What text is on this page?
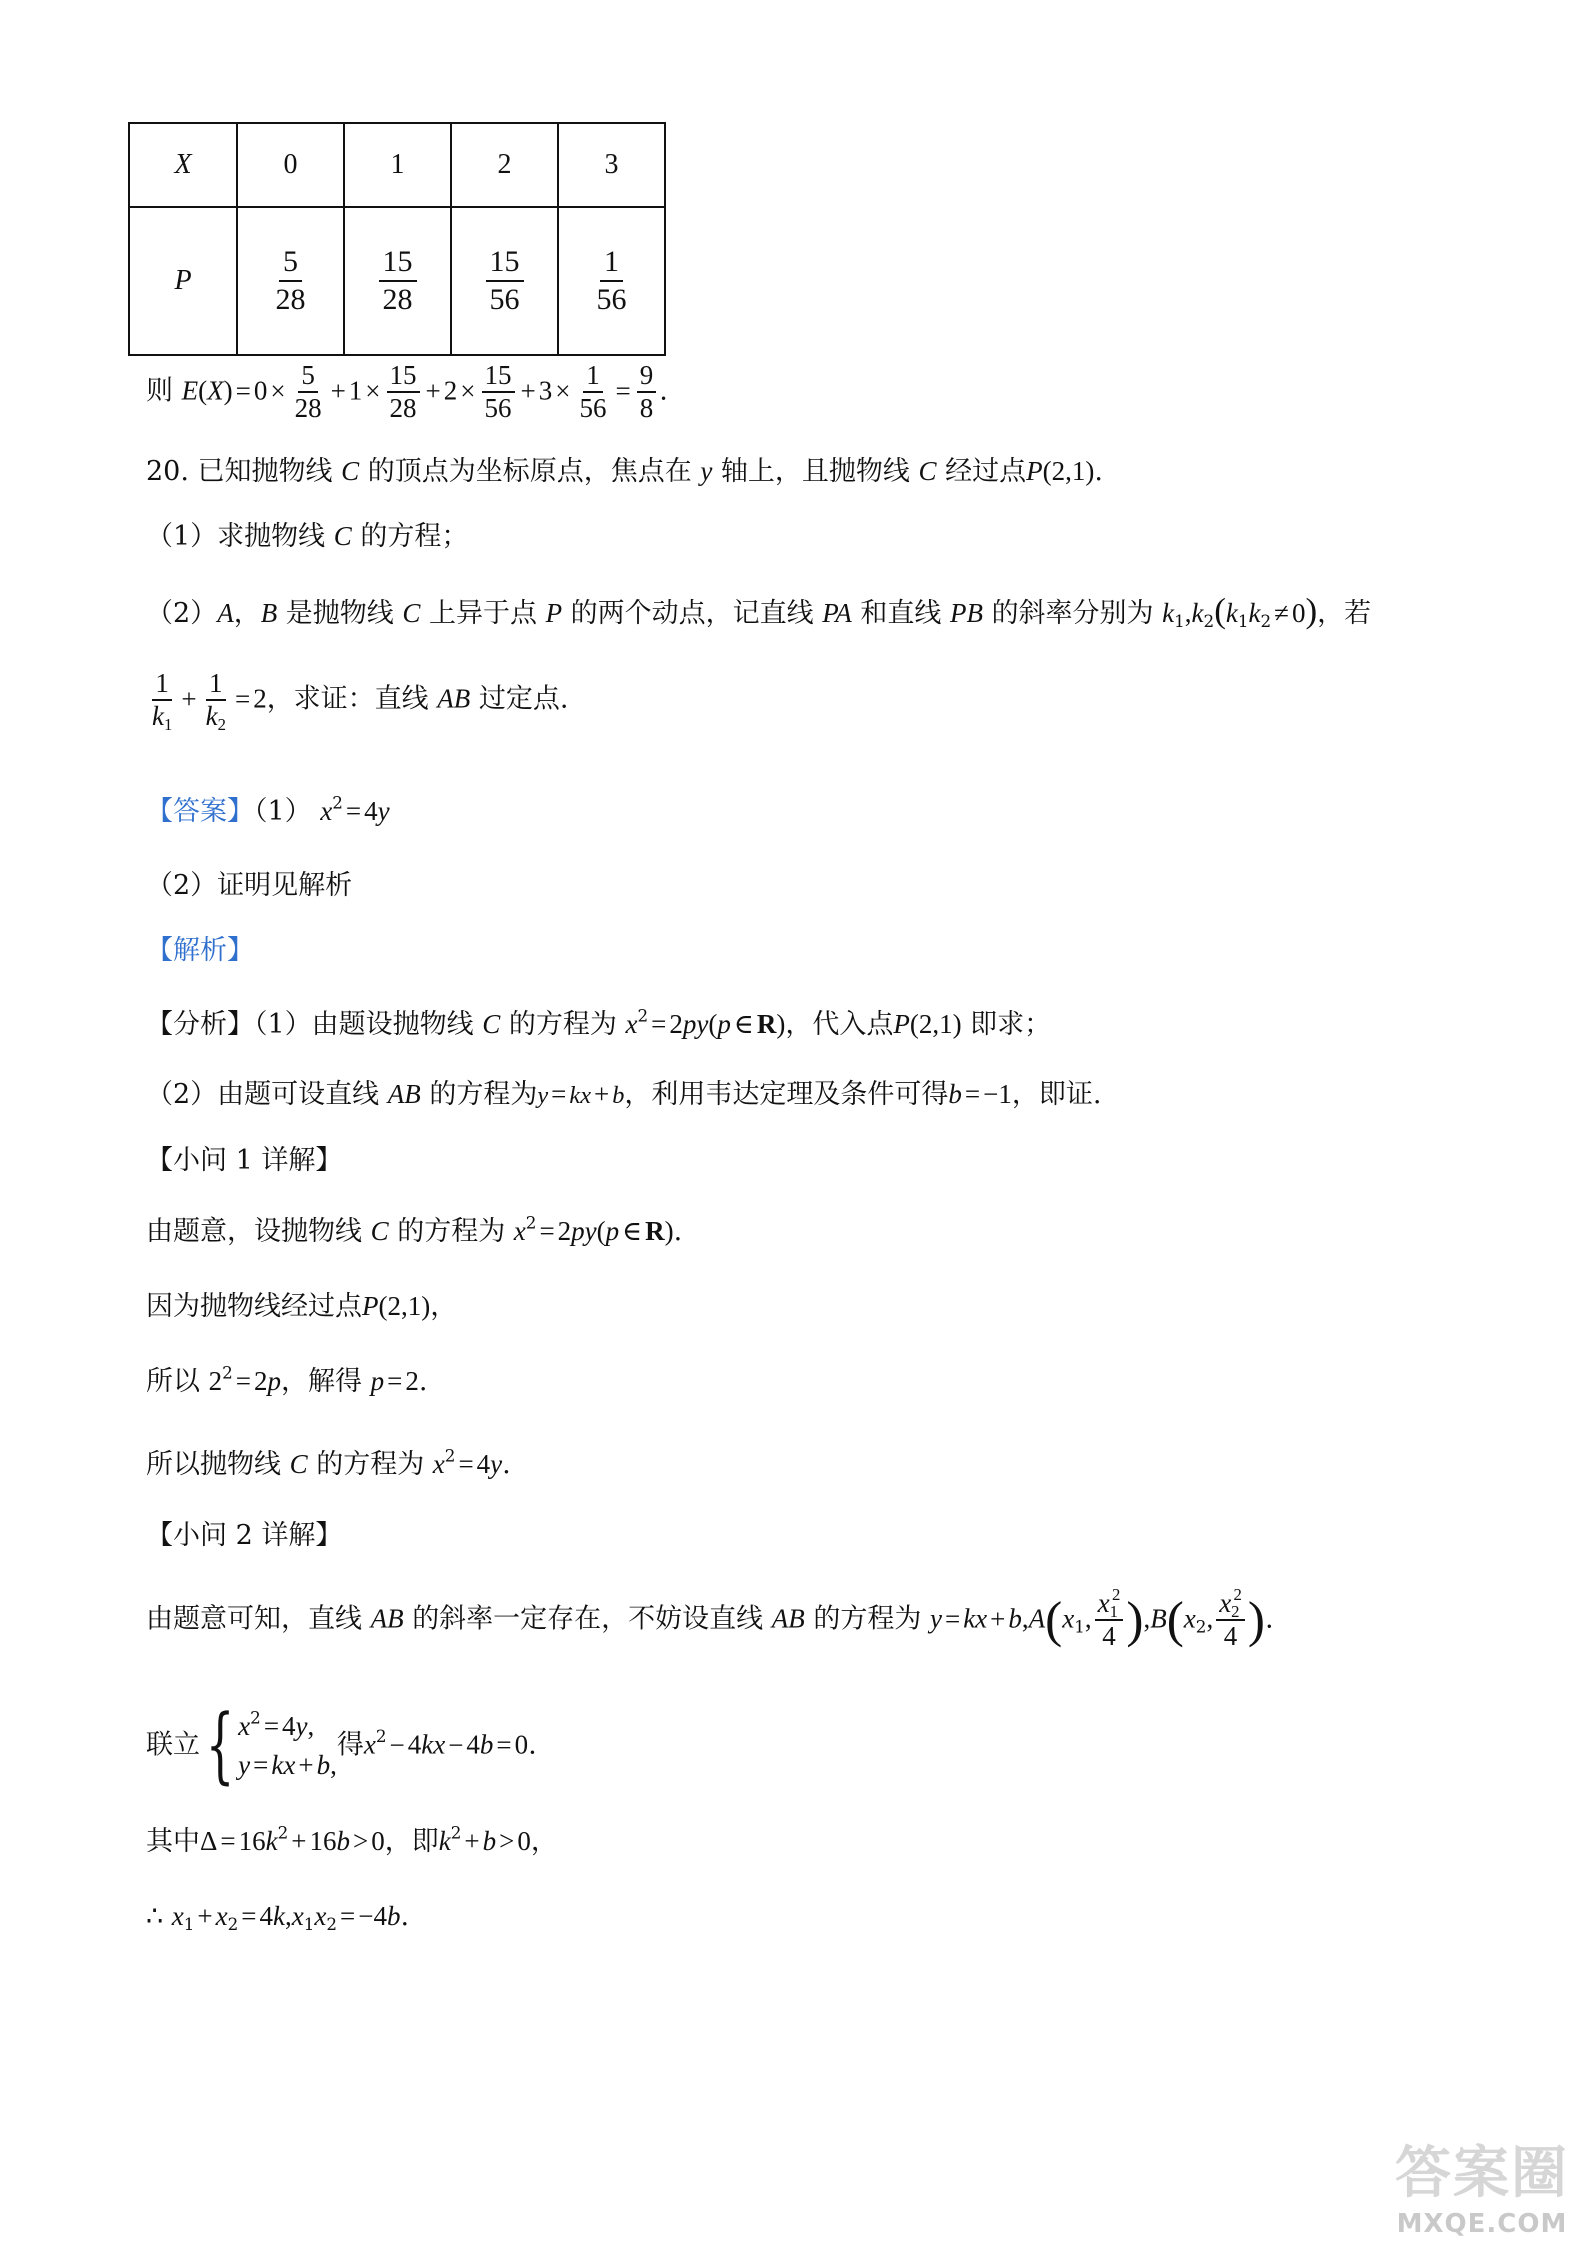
X	0	1	2	3
P	$\frac{5}{28}$	$\frac{15}{28}$	$\frac{15}{56}$	$\frac{1}{56}$
则 $E(X) = 0 \times \frac{5}{28} + 1 \times \frac{15}{28} + 2 \times \frac{15}{56} + 3 \times \frac{1}{56} = \frac{9}{8}$ .
20. 已知抛物线 C 的顶点为坐标原点，焦点在 y 轴上，且抛物线 C 经过点P(2,1).
（1）求抛物线 C 的方程；
（2）A，B 是抛物线 C 上异于点 P 的两个动点，记直线 PA 和直线 PB 的斜率分别为 $k_1,k_2(k_1k_2 \ne 0)$，若
$\frac{1}{k_1} + \frac{1}{k_2} = 2$，求证：直线 AB 过定点.
【答案】（1） $x^2 = 4y$
（2）证明见解析
【解析】
【分析】（1）由题设抛物线 C 的方程为 $x^2 = 2py(p$ ∈ R)，代入点P(2,1) 即求；
（2）由题可设直线 AB 的方程为y = kx + b，利用韦达定理及条件可得b = −1，即证.
【小问 1 详解】
由题意，设抛物线 C 的方程为 $x^2 = 2py(p$ ∈ R).
因为抛物线经过点P(2,1)，
所以 $2^2 = 2p$，解得 p = 2.
所以抛物线 C 的方程为 $x^2 = 4y$.
【小问 2 详解】
由题意可知，直线 AB 的斜率一定存在，不妨设直线 AB 的方程为 y = kx + $b,A(x_1$, $\frac{x_1^2}{4} ),B(x_2$, $\frac{x_2^2}{4}$ ).
联立 { $x^2 = 4y$,
y = kx + b,
得$x^2 - 4kx - 4b = 0$.
其中$\Delta = 16k^2 + 16b > 0$，即$k^2 + b > 0$，
∴ $x_1 + x_2 = 4k,x_1x_2 = -4b$.
答案圈
MXQE.COM
